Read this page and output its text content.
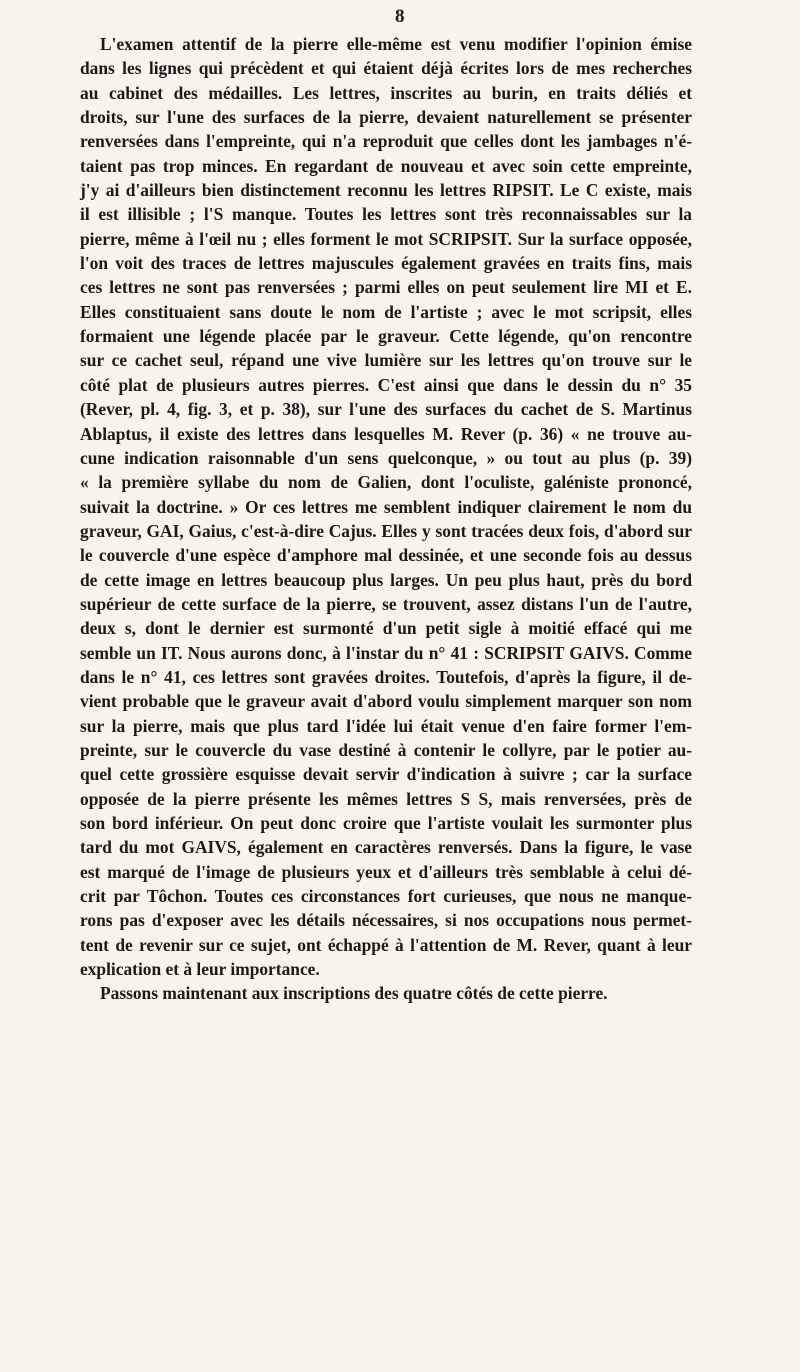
8
L'examen attentif de la pierre elle-même est venu modifier l'opinion émise
dans les lignes qui précèdent et qui étaient déjà écrites lors de mes recherches
au cabinet des médailles. Les lettres, inscrites au burin, en traits déliés et
droits, sur l'une des surfaces de la pierre, devaient naturellement se présenter
renversées dans l'empreinte, qui n'a reproduit que celles dont les jambages n'é-
taient pas trop minces. En regardant de nouveau et avec soin cette empreinte,
j'y ai d'ailleurs bien distinctement reconnu les lettres RIPSIT. Le C existe, mais
il est illisible ; l'S manque. Toutes les lettres sont très reconnaissables sur la
pierre, même à l'œil nu ; elles forment le mot SCRIPSIT. Sur la surface opposée,
l'on voit des traces de lettres majuscules également gravées en traits fins, mais
ces lettres ne sont pas renversées ; parmi elles on peut seulement lire MI et E.
Elles constituaient sans doute le nom de l'artiste ; avec le mot scripsit, elles
formaient une légende placée par le graveur. Cette légende, qu'on rencontre
sur ce cachet seul, répand une vive lumière sur les lettres qu'on trouve sur le
côté plat de plusieurs autres pierres. C'est ainsi que dans le dessin du n° 35
(Rever, pl. 4, fig. 3, et p. 38), sur l'une des surfaces du cachet de S. Martinus
Ablaptus, il existe des lettres dans lesquelles M. Rever (p. 36) « ne trouve au-
cune indication raisonnable d'un sens quelconque, » ou tout au plus (p. 39)
« la première syllabe du nom de Galien, dont l'oculiste, galéniste prononcé,
suivait la doctrine. » Or ces lettres me semblent indiquer clairement le nom du
graveur, GAI, Gaius, c'est-à-dire Cajus. Elles y sont tracées deux fois, d'abord sur
le couvercle d'une espèce d'amphore mal dessinée, et une seconde fois au dessus
de cette image en lettres beaucoup plus larges. Un peu plus haut, près du bord
supérieur de cette surface de la pierre, se trouvent, assez distans l'un de l'autre,
deux s, dont le dernier est surmonté d'un petit sigle à moitié effacé qui me
semble un IT. Nous aurons donc, à l'instar du n° 41 : SCRIPSIT GAIVS. Comme
dans le n° 41, ces lettres sont gravées droites. Toutefois, d'après la figure, il de-
vient probable que le graveur avait d'abord voulu simplement marquer son nom
sur la pierre, mais que plus tard l'idée lui était venue d'en faire former l'em-
preinte, sur le couvercle du vase destiné à contenir le collyre, par le potier au-
quel cette grossière esquisse devait servir d'indication à suivre ; car la surface
opposée de la pierre présente les mêmes lettres S S, mais renversées, près de
son bord inférieur. On peut donc croire que l'artiste voulait les surmonter plus
tard du mot GAIVS, également en caractères renversés. Dans la figure, le vase
est marqué de l'image de plusieurs yeux et d'ailleurs très semblable à celui dé-
crit par Tôchon. Toutes ces circonstances fort curieuses, que nous ne manque-
rons pas d'exposer avec les détails nécessaires, si nos occupations nous permet-
tent de revenir sur ce sujet, ont échappé à l'attention de M. Rever, quant à leur
explication et à leur importance.
Passons maintenant aux inscriptions des quatre côtés de cette pierre.
